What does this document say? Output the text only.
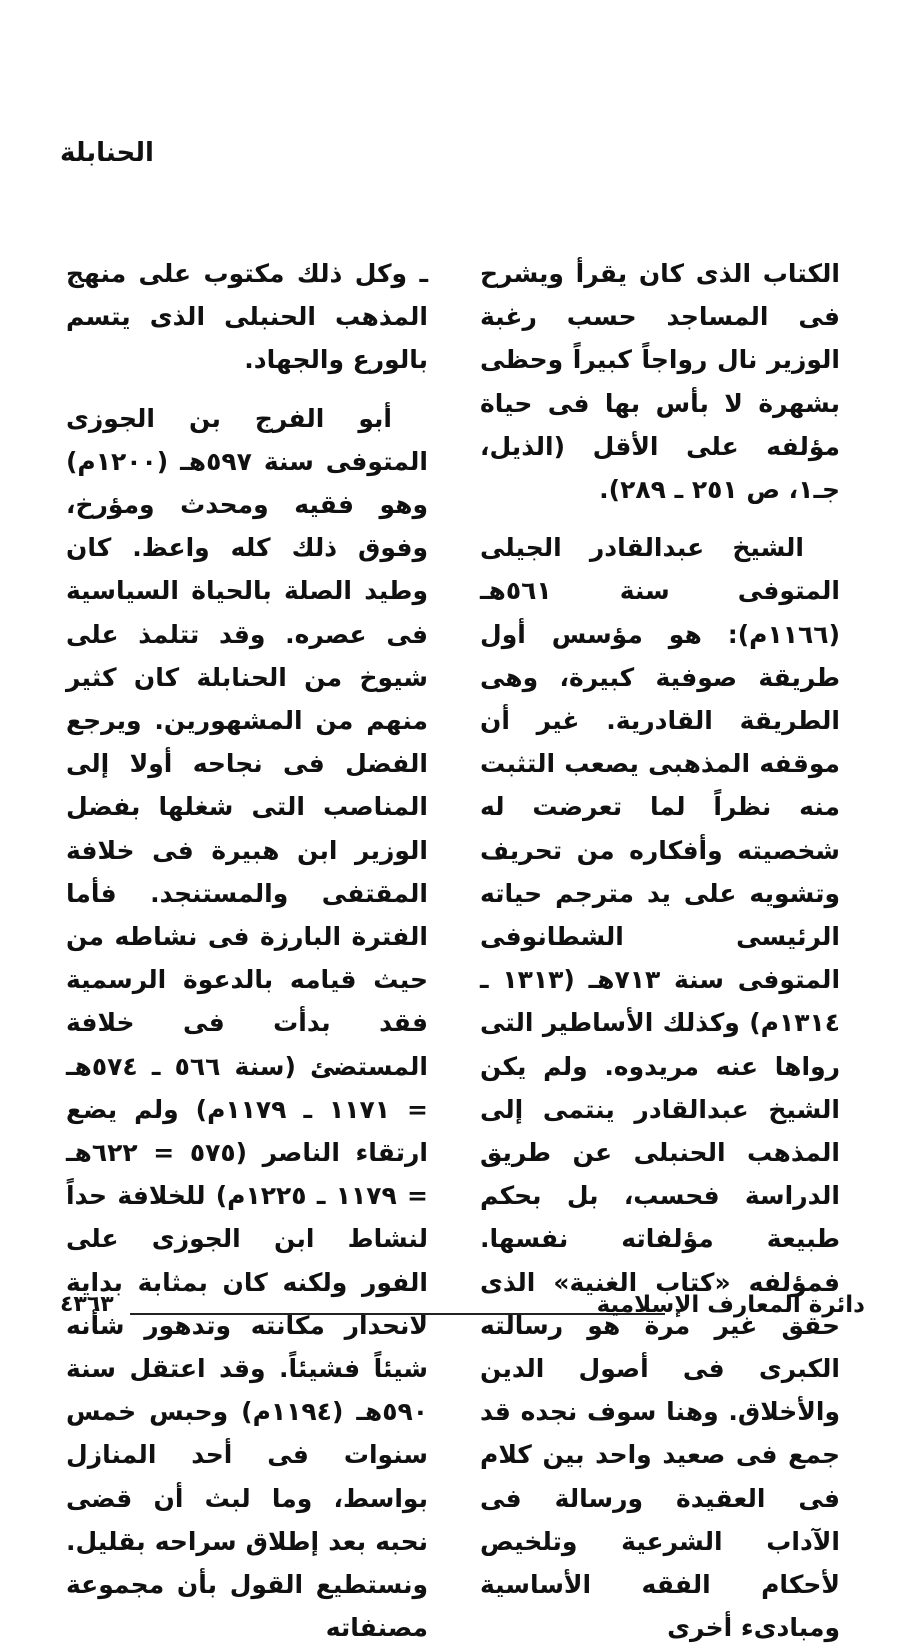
الحنابلة

الكتاب الذى كان يقرأ ويشرح فى المساجد حسب رغبة الوزير نال رواجاً كبيراً وحظى بشهرة لا بأس بها فى حياة مؤلفه على الأقل (الذيل، جـ١، ص ٢٥١ ـ ٢٨٩).

الشيخ عبدالقادر الجيلى المتوفى سنة ٥٦١هـ (١١٦٦م): هو مؤسس أول طريقة صوفية كبيرة، وهى الطريقة القادرية. غير أن موقفه المذهبى يصعب التثبت منه نظراً لما تعرضت له شخصيته وأفكاره من تحريف وتشويه على يد مترجم حياته الرئيسى الشطانوفى المتوفى سنة ٧١٣هـ (١٣١٣ ـ ١٣١٤م) وكذلك الأساطير التى رواها عنه مريدوه. ولم يكن الشيخ عبدالقادر ينتمى إلى المذهب الحنبلى عن طريق الدراسة فحسب، بل بحكم طبيعة مؤلفاته نفسها. فمؤلفه «كتاب الغنية» الذى حقق غير مرة هو رسالته الكبرى فى أصول الدين والأخلاق. وهنا سوف نجده قد جمع فى صعيد واحد بين كلام فى العقيدة ورسالة فى الآداب الشرعية وتلخيص لأحكام الفقه الأساسية ومبادىء أخرى

ـ وكل ذلك مكتوب على منهج المذهب الحنبلى الذى يتسم بالورع والجهاد.

أبو الفرج بن الجوزى المتوفى سنة ٥٩٧هـ (١٢٠٠م) وهو فقيه ومحدث ومؤرخ، وفوق ذلك كله واعظ. كان وطيد الصلة بالحياة السياسية فى عصره. وقد تتلمذ على شيوخ من الحنابلة كان كثير منهم من المشهورين. ويرجع الفضل فى نجاحه أولا إلى المناصب التى شغلها بفضل الوزير ابن هبيرة فى خلافة المقتفى والمستنجد. فأما الفترة البارزة فى نشاطه من حيث قيامه بالدعوة الرسمية فقد بدأت فى خلافة المستضئ (سنة ٥٦٦ ـ ٥٧٤هـ = ١١٧١ ـ ١١٧٩م) ولم يضع ارتقاء الناصر (٥٧٥ = ٦٢٢هـ = ١١٧٩ ـ ١٢٢٥م) للخلافة حداً لنشاط ابن الجوزى على الفور ولكنه كان بمثابة بداية لانحدار مكانته وتدهور شأنه شيئاً فشيئاً. وقد اعتقل سنة ٥٩٠هـ (١١٩٤م) وحبس خمس سنوات فى أحد المنازل بواسط، وما لبث أن قضى نحبه بعد إطلاق سراحه بقليل. ونستطيع القول بأن مجموعة مصنفاته

٤٣٦٣	دائرة المعارف الإسلامية
